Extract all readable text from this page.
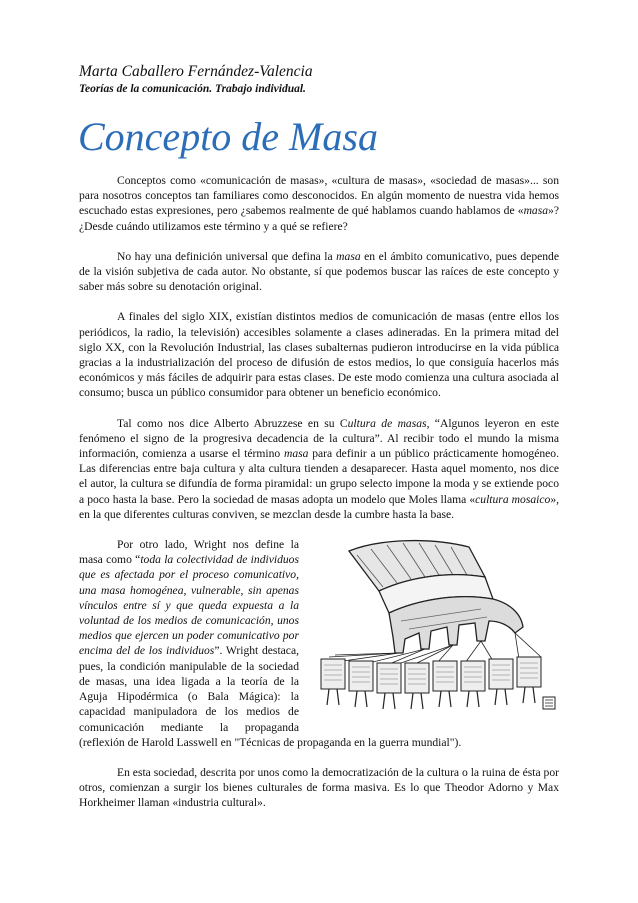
Marta Caballero Fernández-Valencia
Teorías de la comunicación. Trabajo individual.
Concepto de Masa

Conceptos como «comunicación de masas», «cultura de masas», «sociedad de masas»... son para nosotros conceptos tan familiares como desconocidos. En algún momento de nuestra vida hemos escuchado estas expresiones, pero ¿sabemos realmente de qué hablamos cuando hablamos de «masa»? ¿Desde cuándo utilizamos este término y a qué se refiere?

No hay una definición universal que defina la masa en el ámbito comunicativo, pues depende de la visión subjetiva de cada autor. No obstante, sí que podemos buscar las raíces de este concepto y saber más sobre su denotación original.

A finales del siglo XIX, existían distintos medios de comunicación de masas (entre ellos los periódicos, la radio, la televisión) accesibles solamente a clases adineradas. En la primera mitad del siglo XX, con la Revolución Industrial, las clases subalternas pudieron introducirse en la vida pública gracias a la industrialización del proceso de difusión de estos medios, lo que consiguía hacerlos más económicos y más fáciles de adquirir para estas clases. De este modo comienza una cultura asociada al consumo; busca un público consumidor para obtener un beneficio económico.

Tal como nos dice Alberto Abruzzese en su Cultura de masas, “Algunos leyeron en este fenómeno el signo de la progresiva decadencia de la cultura”. Al recibir todo el mundo la misma información, comienza a usarse el término masa para definir a un público prácticamente homogéneo. Las diferencias entre baja cultura y alta cultura tienden a desaparecer. Hasta aquel momento, nos dice el autor, la cultura se difundía de forma piramidal: un grupo selecto impone la moda y se extiende poco a poco hasta la base. Pero la sociedad de masas adopta un modelo que Moles llama «cultura mosaico», en la que diferentes culturas conviven, se mezclan desde la cumbre hasta la base.

Por otro lado, Wright nos define la masa como “toda la colectividad de individuos que es afectada por el proceso comunicativo, una masa homogénea, vulnerable, sin apenas vínculos entre sí y que queda expuesta a la voluntad de los medios de comunicación, unos medios que ejercen un poder comunicativo por encima del de los individuos”. Wright destaca, pues, la condición manipulable de la sociedad de masas, una idea ligada a la teoría de la Aguja Hipodérmica (o Bala Mágica): la capacidad manipuladora de los medios de comunicación mediante la propaganda (reflexión de Harold Lasswell en "Técnicas de propaganda en la guerra mundial").

En esta sociedad, descrita por unos como la democratización de la cultura o la ruina de ésta por otros, comienzan a surgir los bienes culturales de forma masiva. Es lo que Theodor Adorno y Max Horkheimer llaman «industria cultural».
